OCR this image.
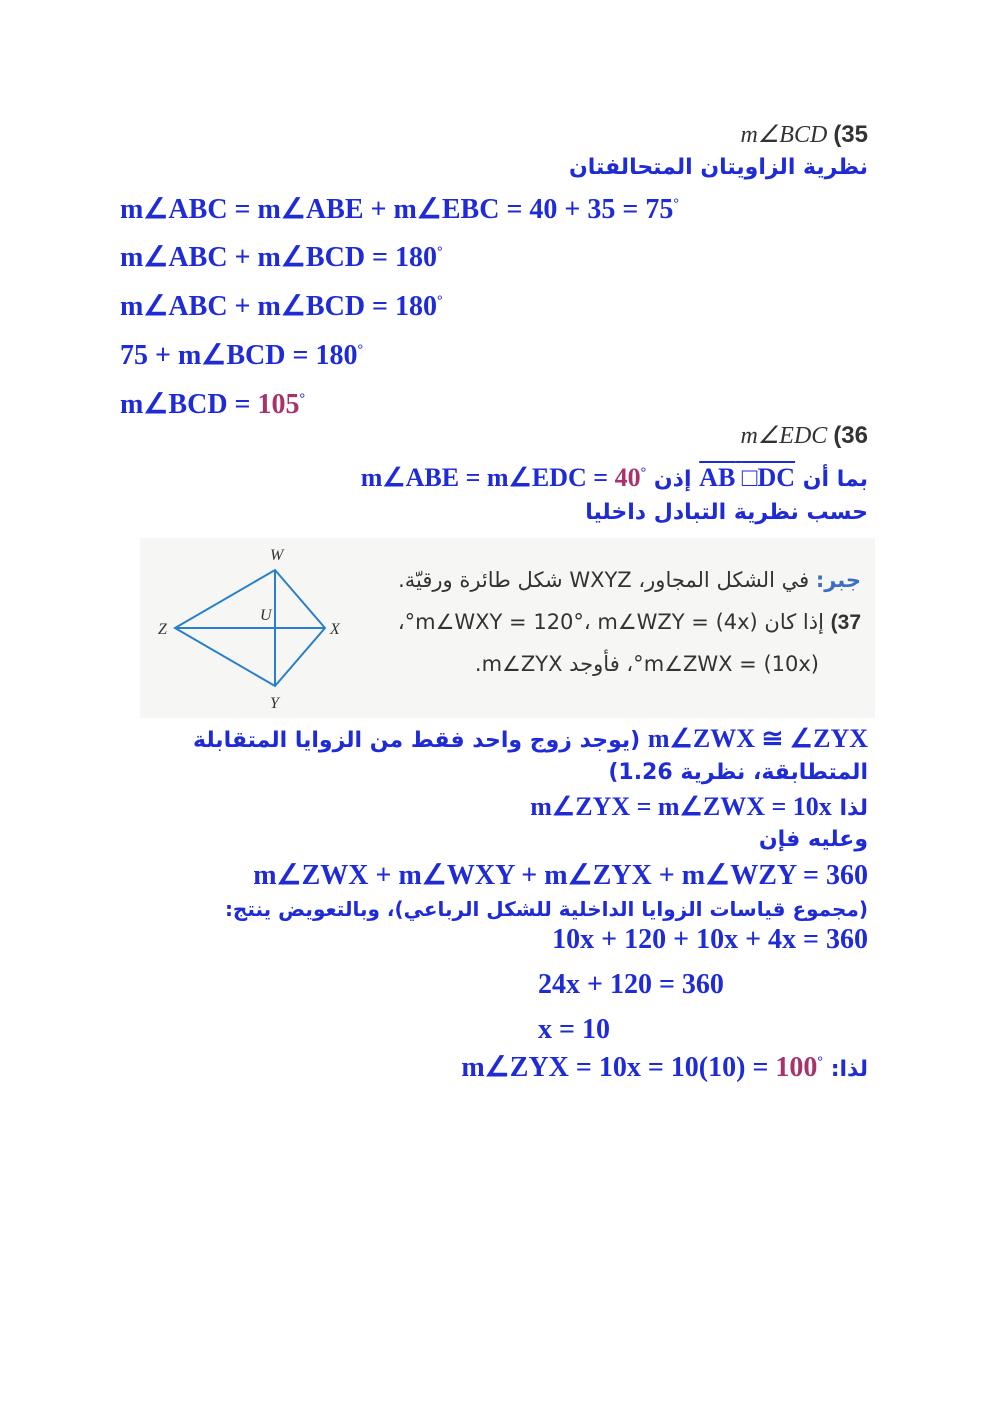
m∠BCD (35
نظرية الزاويتان المتحالفتان
m∠ABC = m∠ABE + m∠EBC = 40 + 35 = 75°
m∠ABC + m∠BCD = 180°
m∠ABC + m∠BCD = 180°
75 + m∠BCD = 180°
m∠BCD = 105°
m∠EDC (36
بما أن AB □DC إذن m∠ABE = m∠EDC = 40°
حسب نظرية التبادل داخليا
W
X
Y
Z
U
جبر: في الشكل المجاور، WXYZ شكل طائرة ورقيّة.
37) إذا كان m∠WXY = 120°، m∠WZY = (4x)°،
m∠ZWX = (10x)°، فأوجد m∠ZYX.
m∠ZWX ≅ ∠ZYX (يوجد زوج واحد فقط من الزوايا المتقابلة
المتطابقة، نظرية 1.26)
لذا m∠ZYX = m∠ZWX = 10x
وعليه فإن
m∠ZWX + m∠WXY + m∠ZYX + m∠WZY = 360
(مجموع قياسات الزوايا الداخلية للشكل الرباعي)، وبالتعويض ينتج:
10x + 120 + 10x + 4x = 360
24x + 120 = 360
x = 10
لذا: m∠ZYX = 10x = 10(10) = 100°
